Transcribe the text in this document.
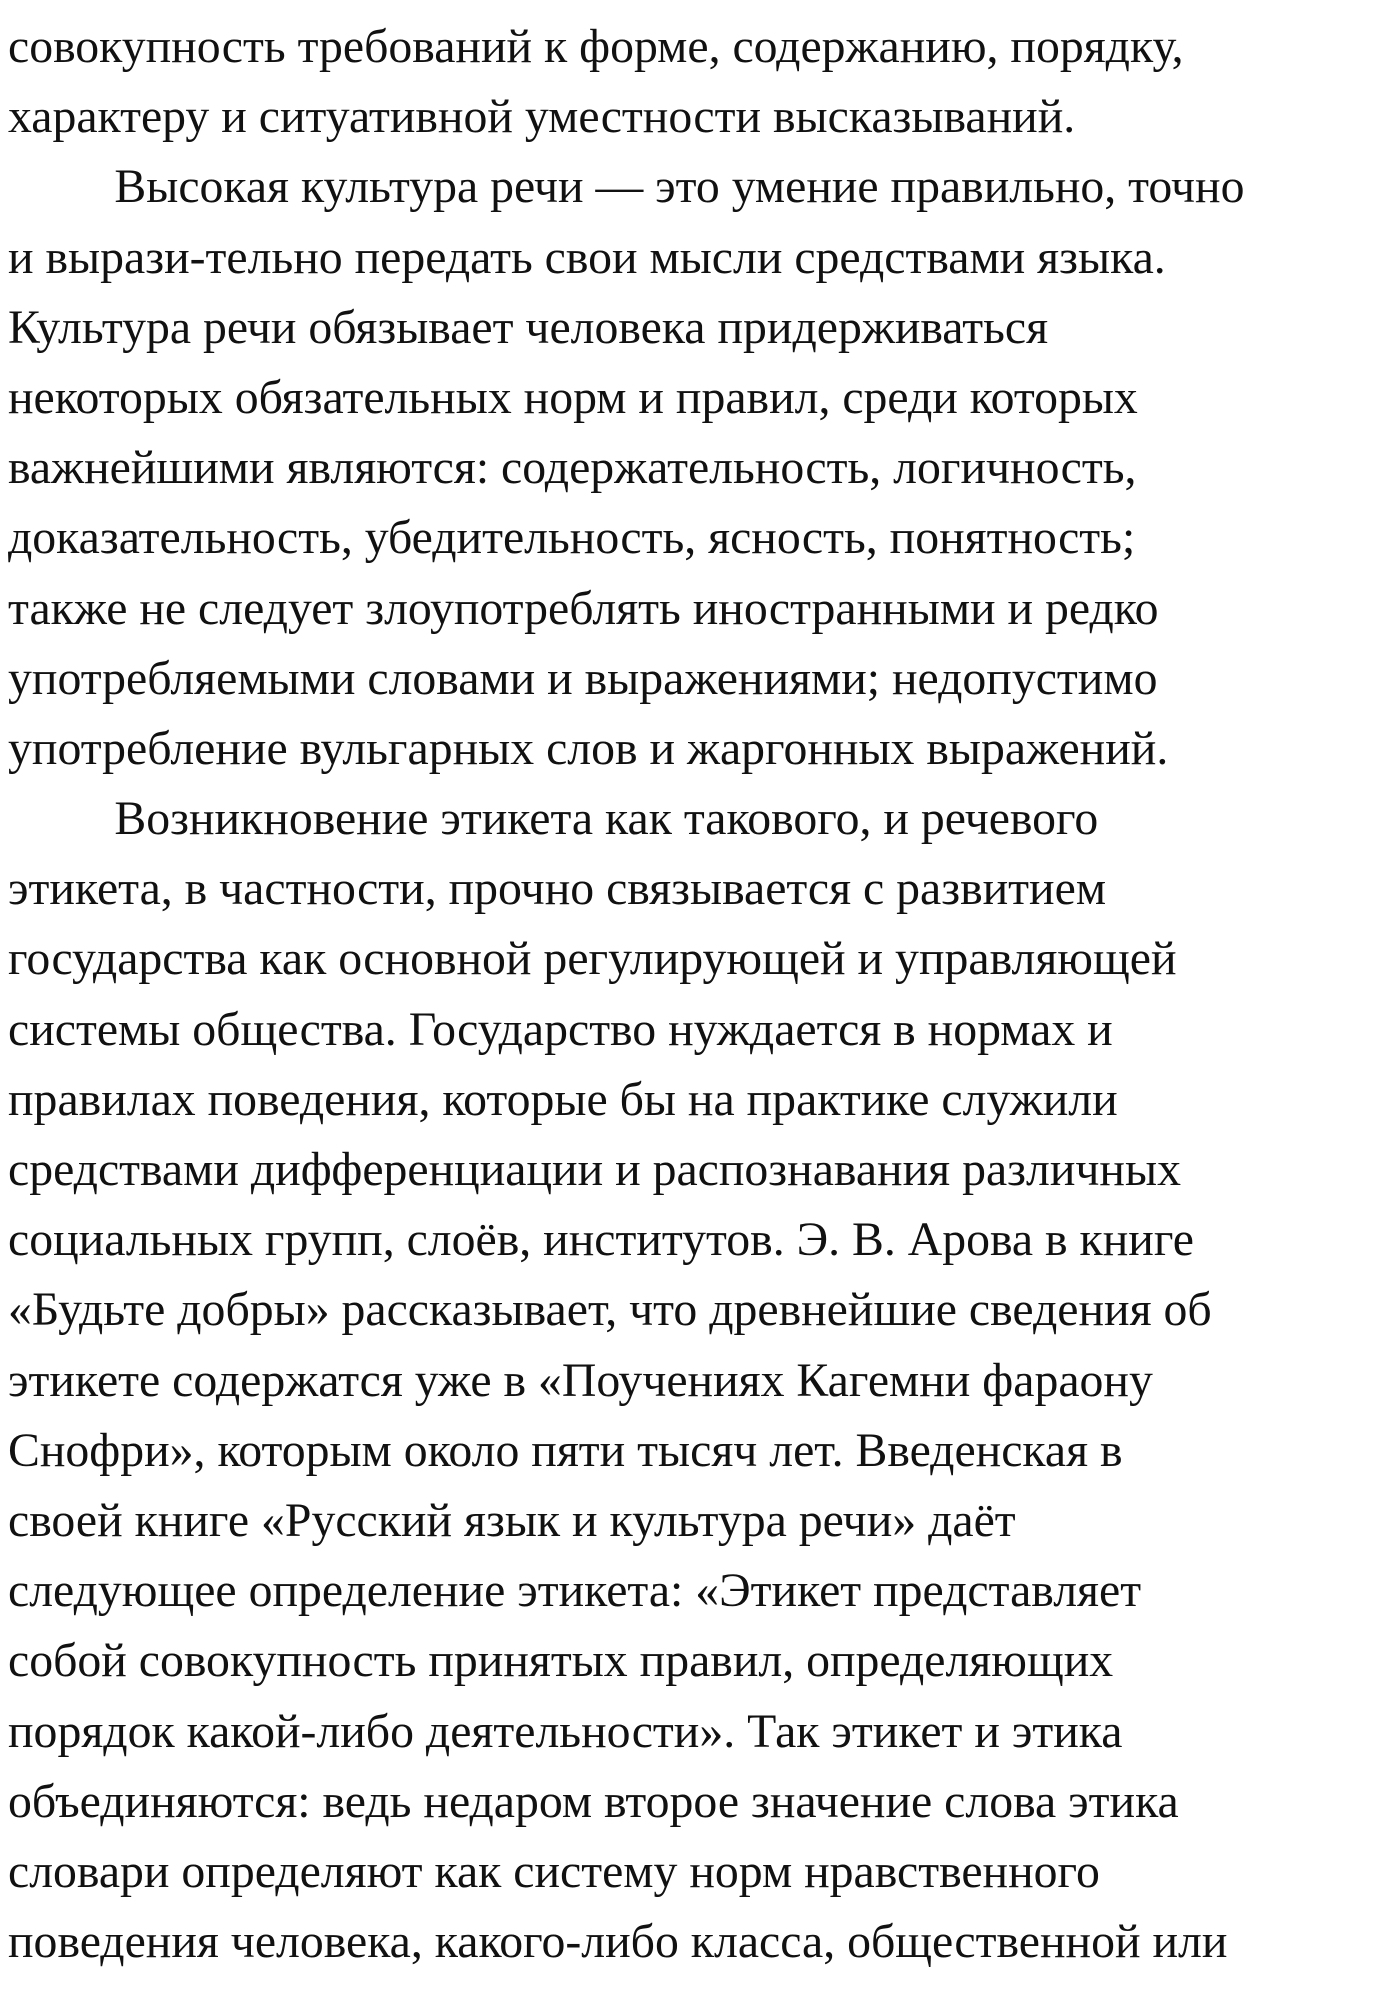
совокупность требований к форме, содержанию, порядку,
характеру и ситуативной уместности высказываний.
Высокая культура речи — это умение правильно, точно
и вырази-тельно передать свои мысли средствами языка.
Культура речи обязывает человека придерживаться
некоторых обязательных норм и правил, среди которых
важнейшими являются: содержательность, логичность,
доказательность, убедительность, ясность, понятность;
также не следует злоупотреблять иностранными и редко
употребляемыми словами и выражениями; недопустимо
употребление вульгарных слов и жаргонных выражений.
Возникновение этикета как такового, и речевого
этикета, в частности, прочно связывается с развитием
государства как основной регулирующей и управляющей
системы общества. Государство нуждается в нормах и
правилах поведения, которые бы на практике служили
средствами дифференциации и распознавания различных
социальных групп, слоёв, институтов. Э. В. Арова в книге
«Будьте добры» рассказывает, что древнейшие сведения об
этикете содержатся уже в «Поучениях Кагемни фараону
Снофри», которым около пяти тысяч лет. Введенская в
своей книге «Русский язык и культура речи» даёт
следующее определение этикета: «Этикет представляет
собой совокупность принятых правил, определяющих
порядок какой-либо деятельности». Так этикет и этика
объединяются: ведь недаром второе значение слова этика
словари определяют как систему норм нравственного
поведения человека, какого-либо класса, общественной или
